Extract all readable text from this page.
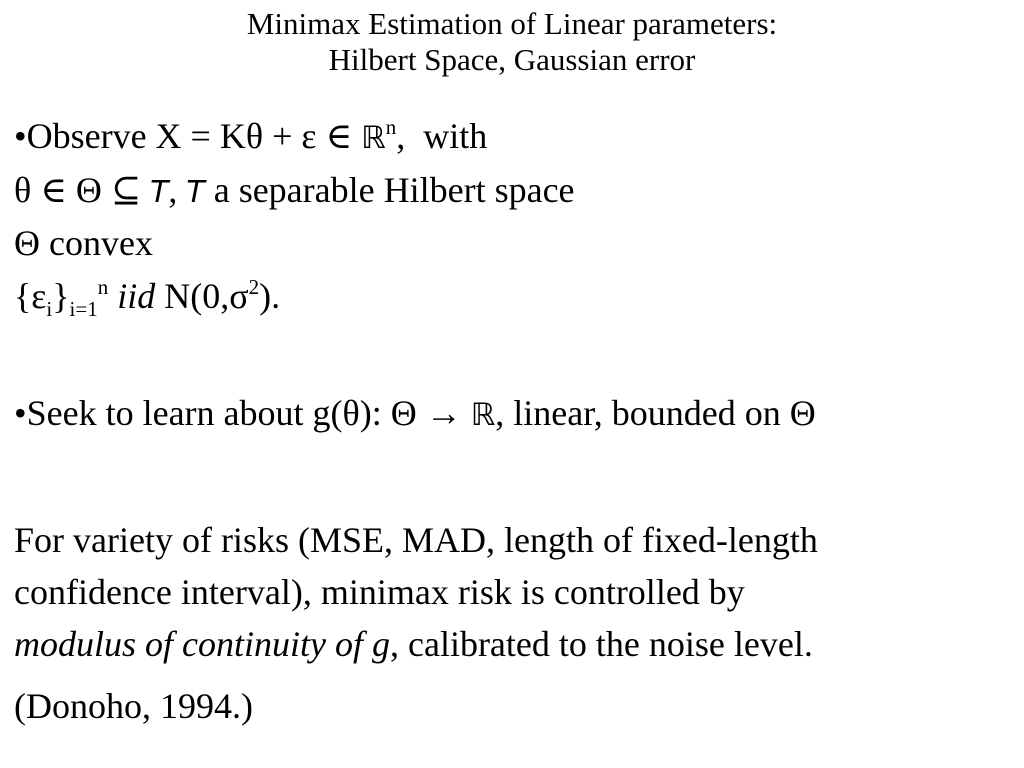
Minimax Estimation of Linear parameters:
Hilbert Space, Gaussian error
•Observe X = Kθ + ε ∈ ℝ$^n$, with
θ ∈ Θ ⊆ T, T a separable Hilbert space
Θ convex
$\{\varepsilon_i\}_{i=1}^n$ iid $N(0,\sigma^2)$.
•Seek to learn about g(θ): Θ → ℝ, linear, bounded on Θ
For variety of risks (MSE, MAD, length of fixed-length
confidence interval), minimax risk is controlled by
modulus of continuity of g, calibrated to the noise level.
(Donoho, 1994.)
